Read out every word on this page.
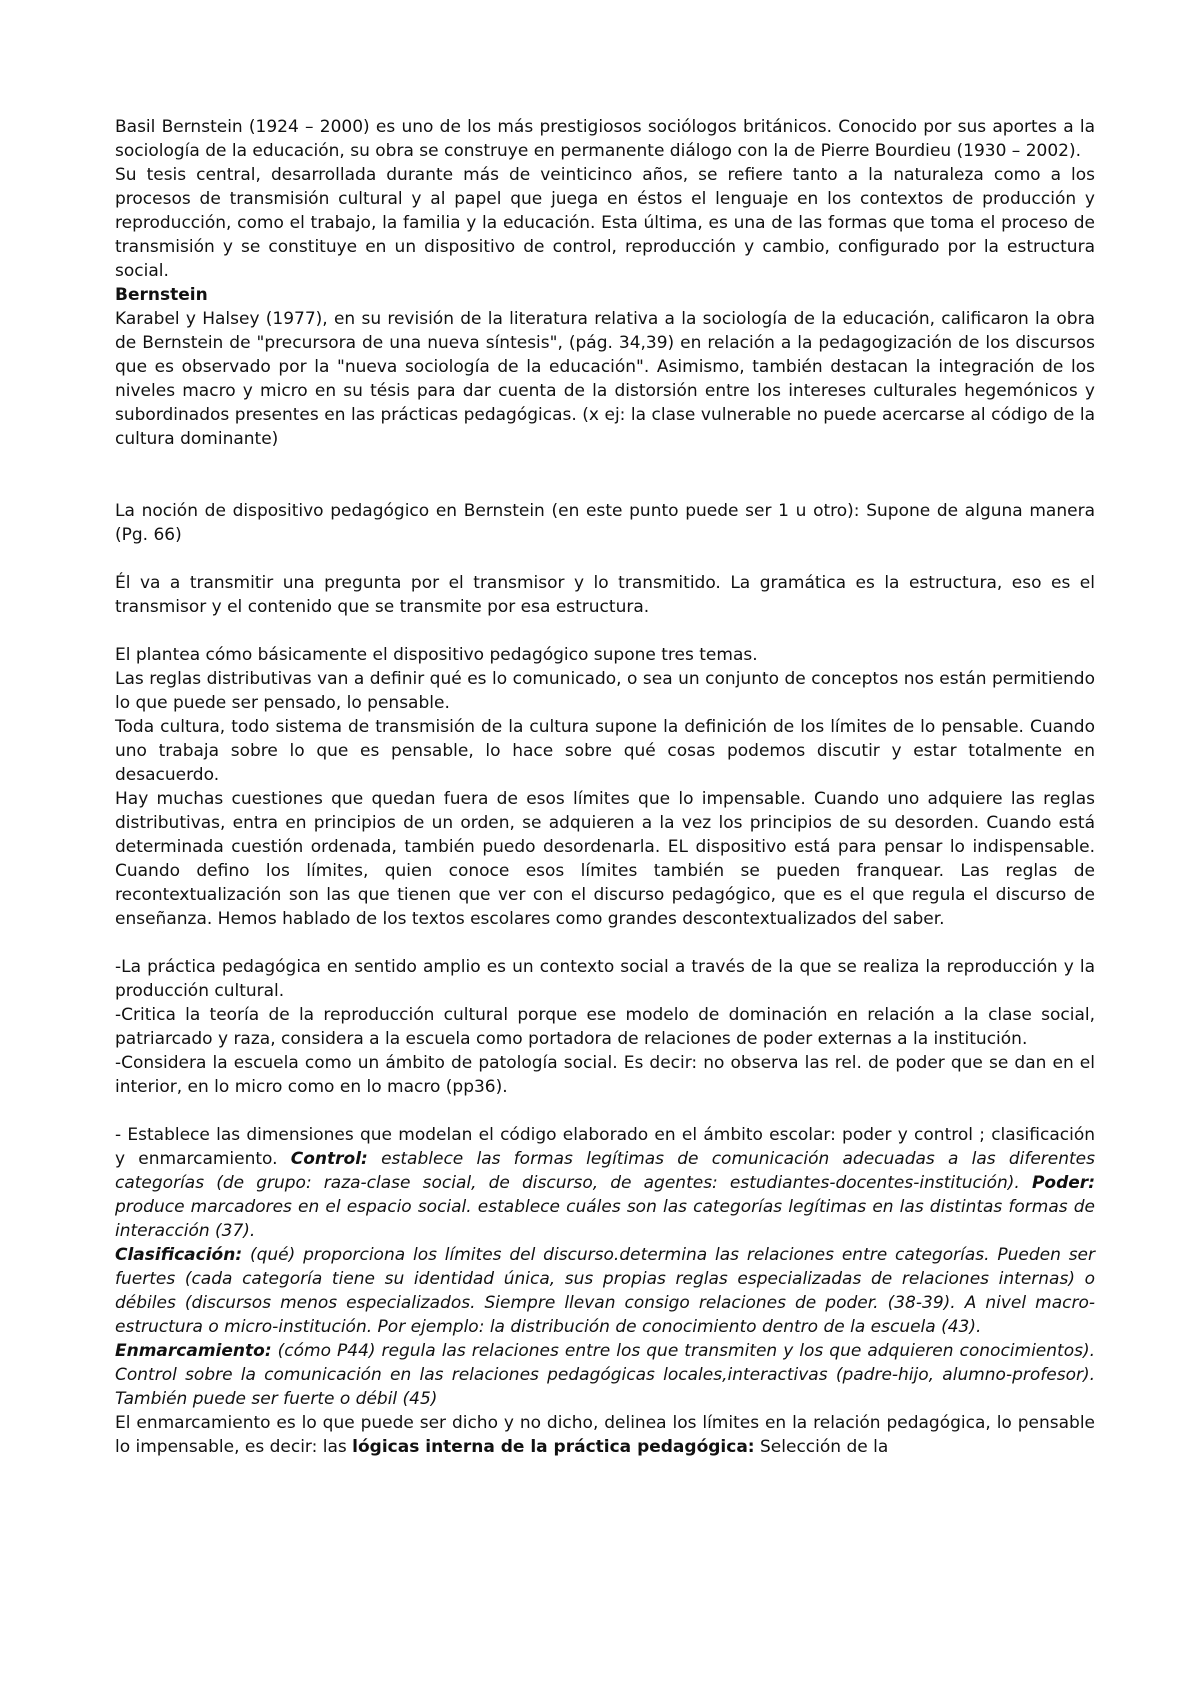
Basil Bernstein (1924 – 2000) es uno de los más prestigiosos sociólogos británicos. Conocido por sus aportes a la sociología de la educación, su obra se construye en permanente diálogo con la de Pierre Bourdieu (1930 – 2002).

Su tesis central, desarrollada durante más de veinticinco años, se refiere tanto a la naturaleza como a los procesos de transmisión cultural y al papel que juega en éstos el lenguaje en los contextos de producción y reproducción, como el trabajo, la familia y la educación. Esta última, es una de las formas que toma el proceso de transmisión y se constituye en un dispositivo de control, reproducción y cambio, configurado por la estructura social.

Bernstein

Karabel y Halsey (1977), en su revisión de la literatura relativa a la sociología de la educación, calificaron la obra de Bernstein de "precursora de una nueva síntesis", (pág. 34,39) en relación a la pedagogización de los discursos que es observado por la "nueva sociología de la educación". Asimismo, también destacan la integración de los niveles macro y micro en su tésis para dar cuenta de la distorsión entre los intereses culturales hegemónicos y subordinados presentes en las prácticas pedagógicas. (x ej: la clase vulnerable no puede acercarse al código de la cultura dominante)

La noción de dispositivo pedagógico en Bernstein (en este punto puede ser 1 u otro): Supone de alguna manera (Pg. 66)

Él va a transmitir una pregunta por el transmisor y lo transmitido. La gramática es la estructura, eso es el transmisor y el contenido que se transmite por esa estructura.

El plantea cómo básicamente el dispositivo pedagógico supone tres temas.

Las reglas distributivas van a definir qué es lo comunicado, o sea un conjunto de conceptos nos están permitiendo lo que puede ser pensado, lo pensable.

Toda cultura, todo sistema de transmisión de la cultura supone la definición de los límites de lo pensable. Cuando uno trabaja sobre lo que es pensable, lo hace sobre qué cosas podemos discutir y estar totalmente en desacuerdo.

Hay muchas cuestiones que quedan fuera de esos límites que lo impensable. Cuando uno adquiere las reglas distributivas, entra en principios de un orden, se adquieren a la vez los principios de su desorden. Cuando está determinada cuestión ordenada, también puedo desordenarla. EL dispositivo está para pensar lo indispensable. Cuando defino los límites, quien conoce esos límites también se pueden franquear. Las reglas de recontextualización son las que tienen que ver con el discurso pedagógico, que es el que regula el discurso de enseñanza. Hemos hablado de los textos escolares como grandes descontextualizados del saber.

-La práctica pedagógica en sentido amplio es un contexto social a través de la que se realiza la reproducción y la producción cultural.

-Critica la teoría de la reproducción cultural porque ese modelo de dominación en relación a la clase social, patriarcado y raza, considera a la escuela como portadora de relaciones de poder externas a la institución.

-Considera la escuela como un ámbito de patología social. Es decir: no observa las rel. de poder que se dan en el interior, en lo micro como en lo macro (pp36).

- Establece las dimensiones que modelan el código elaborado en el ámbito escolar: poder y control ; clasificación y enmarcamiento. Control: establece las formas legítimas de comunicación adecuadas a las diferentes categorías (de grupo: raza-clase social, de discurso, de agentes: estudiantes-docentes-institución). Poder: produce marcadores en el espacio social. establece cuáles son las categorías legítimas en las distintas formas de interacción (37).

Clasificación: (qué) proporciona los límites del discurso.determina las relaciones entre categorías. Pueden ser fuertes (cada categoría tiene su identidad única, sus propias reglas especializadas de relaciones internas) o débiles (discursos menos especializados. Siempre llevan consigo relaciones de poder. (38-39). A nivel macro-estructura o micro-institución. Por ejemplo: la distribución de conocimiento dentro de la escuela (43).

Enmarcamiento: (cómo P44) regula las relaciones entre los que transmiten y los que adquieren conocimientos). Control sobre la comunicación en las relaciones pedagógicas locales,interactivas (padre-hijo, alumno-profesor). También puede ser fuerte o débil (45)

El enmarcamiento es lo que puede ser dicho y no dicho, delinea los límites en la relación pedagógica, lo pensable lo impensable, es decir: las lógicas interna de la práctica pedagógica: Selección de la
